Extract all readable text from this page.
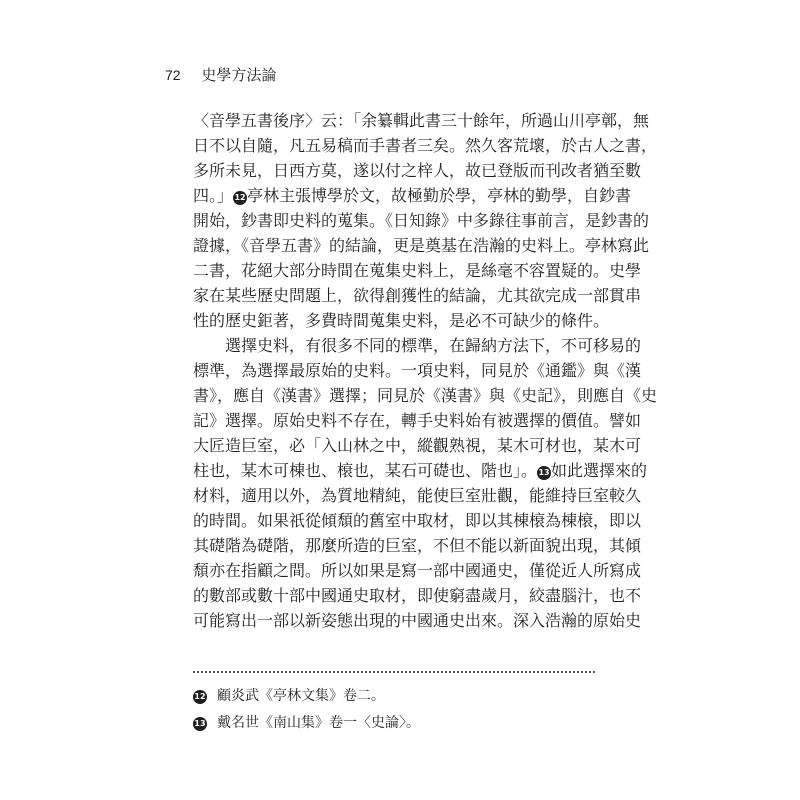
72 史學方法論
〈音學五書後序〉云：「余纂輯此書三十餘年，所過山川亭鄣，無
日不以自隨，凡五易稿而手書者三矣。然久客荒壞，於古人之書，
多所未見，日西方莫，遂以付之梓人，故已登版而刊改者猶至數
四。」12亭林主張博學於文，故極勤於學，亭林的勤學，自鈔書
開始，鈔書即史料的蒐集。《日知錄》中多錄往事前言，是鈔書的
證據，《音學五書》的結論，更是奠基在浩瀚的史料上。亭林寫此
二書，花絕大部分時間在蒐集史料上，是絲毫不容置疑的。史學
家在某些歷史問題上，欲得創獲性的結論，尤其欲完成一部貫串
性的歷史鉅著，多費時間蒐集史料，是必不可缺少的條件。
　　選擇史料，有很多不同的標準，在歸納方法下，不可移易的
標準，為選擇最原始的史料。一項史料，同見於《通鑑》與《漢
書》，應自《漢書》選擇；同見於《漢書》與《史記》，則應自《史
記》選擇。原始史料不存在，轉手史料始有被選擇的價值。譬如
大匠造巨室，必「入山林之中，縱觀熟視，某木可材也，某木可
柱也，某木可棟也、榱也，某石可礎也、階也」。13如此選擇來的
材料，適用以外，為質地精純，能使巨室壯觀，能維持巨室較久
的時間。如果祇從傾頹的舊室中取材，即以其棟榱為棟榱，即以
其礎階為礎階，那麼所造的巨室，不但不能以新面貌出現，其傾
頹亦在指顧之間。所以如果是寫一部中國通史，僅從近人所寫成
的數部或數十部中國通史取材，即使窮盡歲月，絞盡腦汁，也不
可能寫出一部以新姿態出現的中國通史出來。深入浩瀚的原始史
12 顧炎武《亭林文集》卷二。
13 戴名世《南山集》卷一〈史論〉。
